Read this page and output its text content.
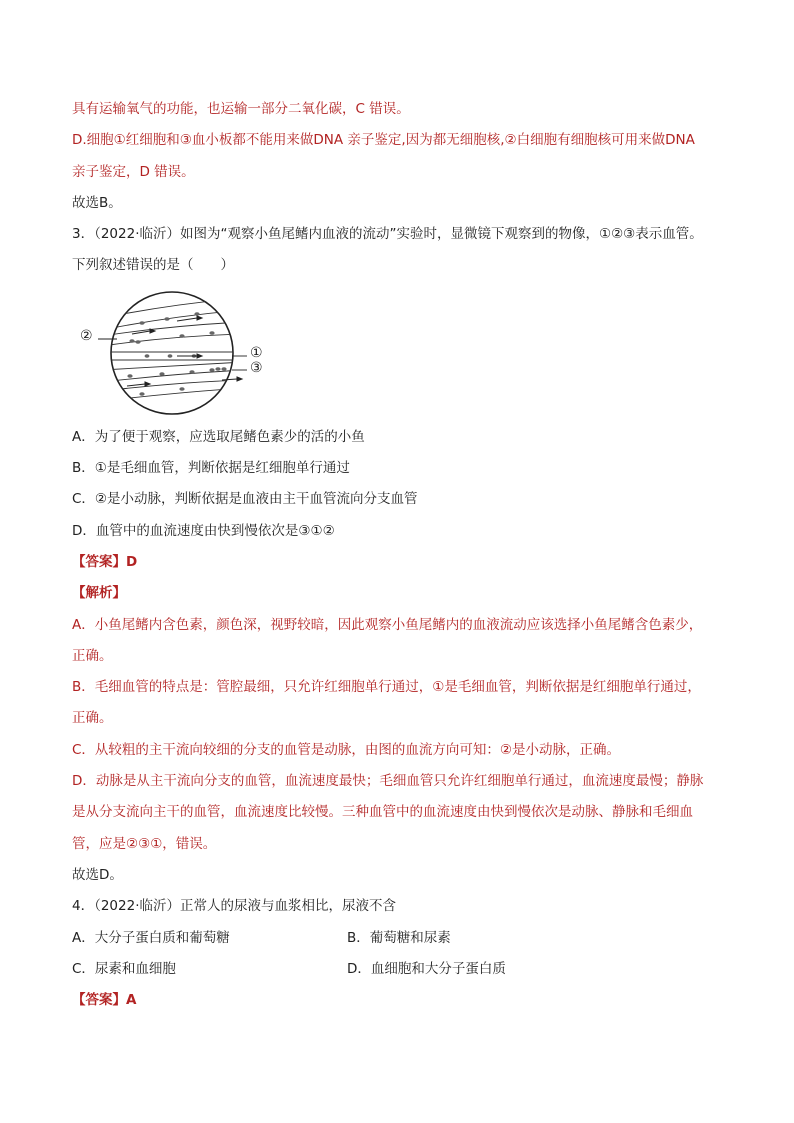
具有运输氧气的功能，也运输一部分二氧化碳，C 错误。
D.细胞①红细胞和③血小板都不能用来做DNA 亲子鉴定,因为都无细胞核,②白细胞有细胞核可用来做DNA
亲子鉴定，D 错误。
故选B。
3．（2022·临沂）如图为“观察小鱼尾鳍内血液的流动”实验时，显微镜下观察到的物像，①②③表示血管。
下列叙述错误的是（　　）
②
①
③
A．为了便于观察，应选取尾鳍色素少的活的小鱼
B．①是毛细血管，判断依据是红细胞单行通过
C．②是小动脉，判断依据是血液由主干血管流向分支血管
D．血管中的血流速度由快到慢依次是③①②
【答案】D
【解析】
A．小鱼尾鳍内含色素，颜色深，视野较暗，因此观察小鱼尾鳍内的血液流动应该选择小鱼尾鳍含色素少，
正确。
B．毛细血管的特点是：管腔最细，只允许红细胞单行通过，①是毛细血管，判断依据是红细胞单行通过，
正确。
C．从较粗的主干流向较细的分支的血管是动脉，由图的血流方向可知：②是小动脉，正确。
D．动脉是从主干流向分支的血管，血流速度最快；毛细血管只允许红细胞单行通过，血流速度最慢；静脉
是从分支流向主干的血管，血流速度比较慢。三种血管中的血流速度由快到慢依次是动脉、静脉和毛细血
管，应是②③①，错误。
故选D。
4．（2022·临沂）正常人的尿液与血浆相比，尿液不含
A．大分子蛋白质和葡萄糖	B．葡萄糖和尿素
C．尿素和血细胞	D．血细胞和大分子蛋白质
【答案】A
